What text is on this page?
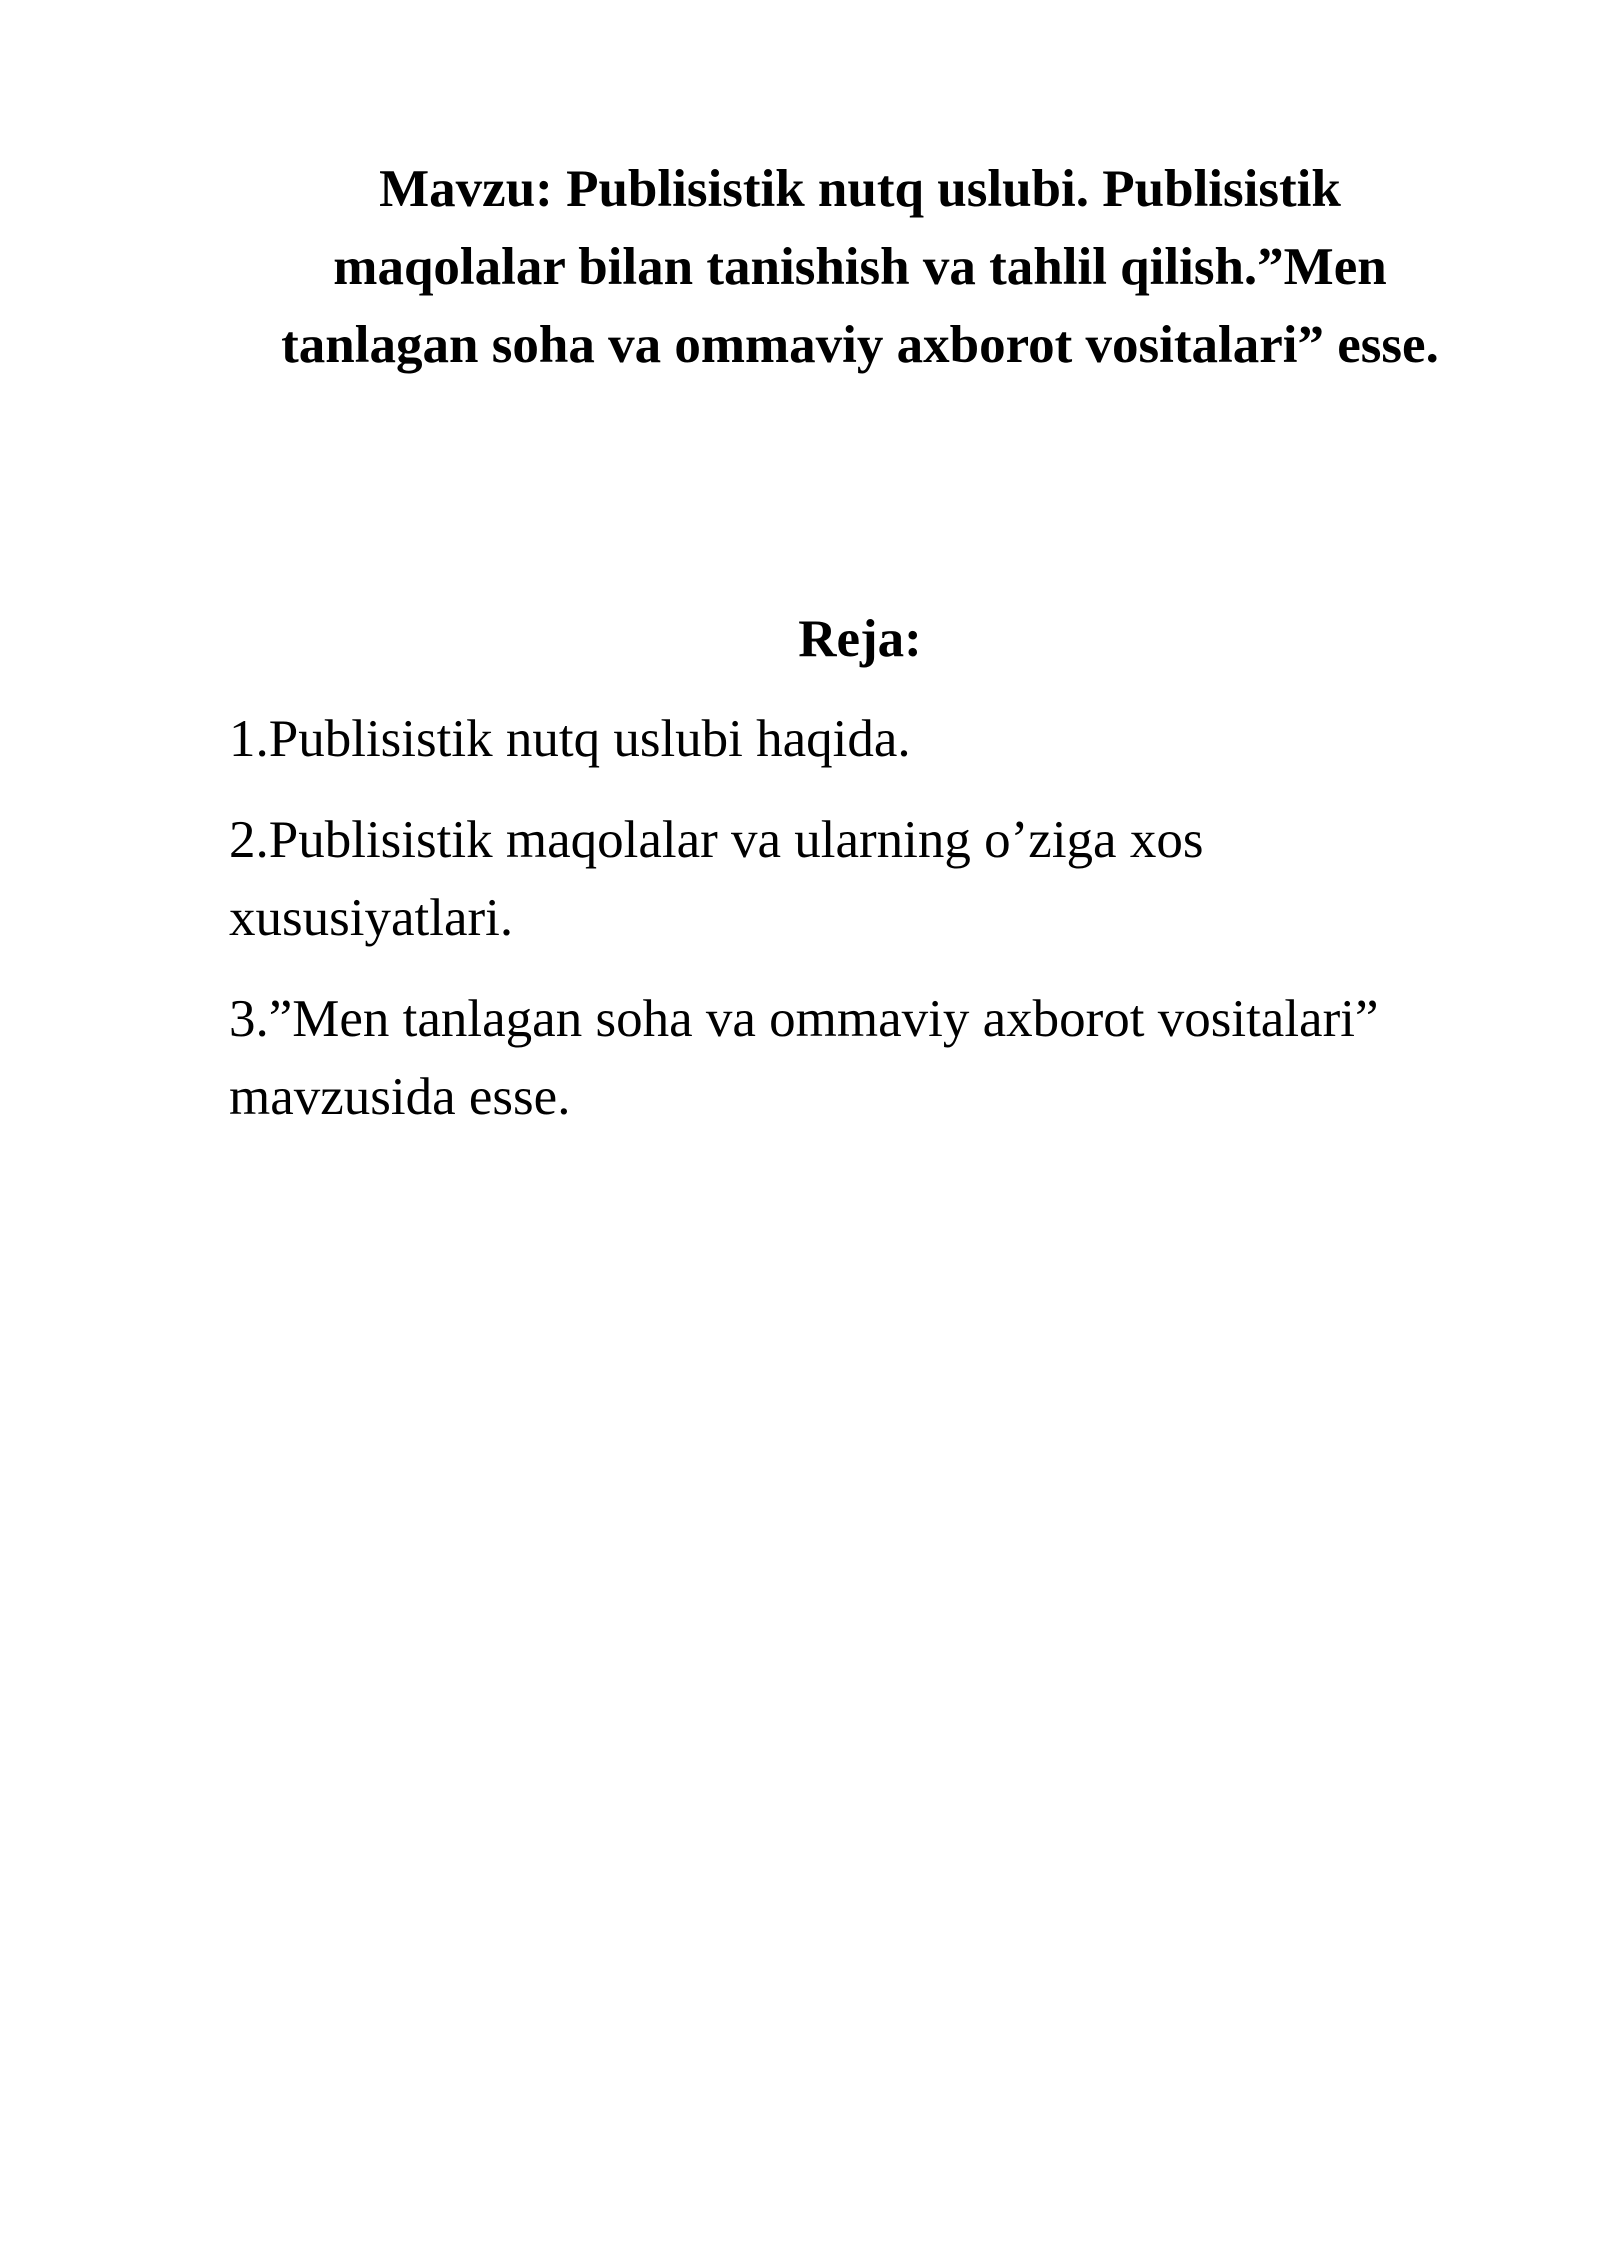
Mavzu: Publisistik nutq uslubi. Publisistik maqolalar bilan tanishish va tahlil qilish.”Men tanlagan soha va ommaviy axborot vositalari” esse.
Reja:
1.Publisistik nutq uslubi haqida.
2.Publisistik maqolalar va ularning o’ziga xos xususiyatlari.
3.”Men tanlagan soha va ommaviy axborot vositalari” mavzusida esse.
